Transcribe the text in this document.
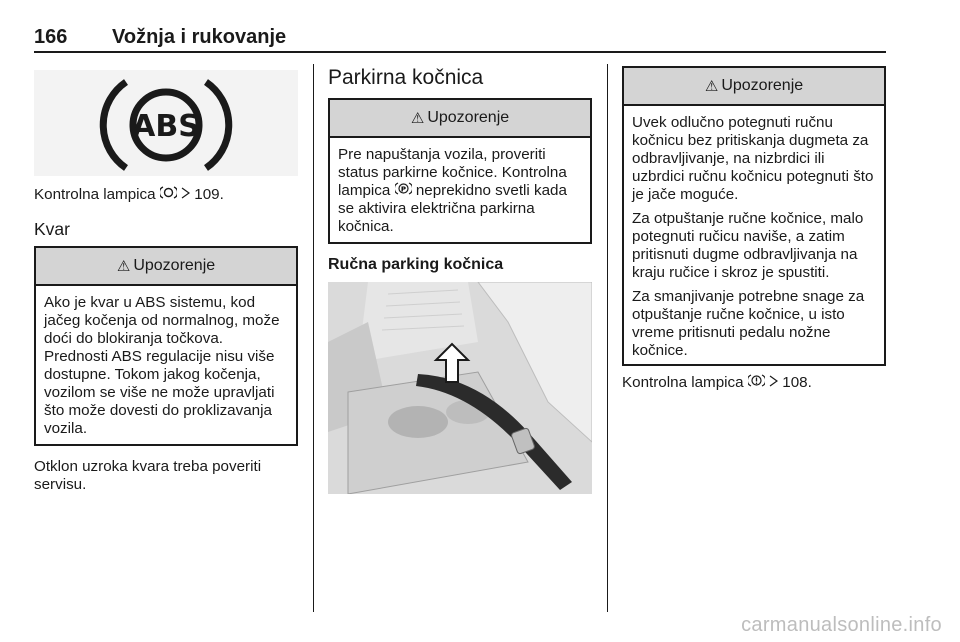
166 Vožnja i rukovanje
ABS
Kontrolna lampica	109.
Kvar
⚠ Upozorenje

Ako je kvar u ABS sistemu, kod jačeg kočenja od normalnog, može doći do blokiranja točkova. Prednosti ABS regulacije nisu više dostupne. Tokom jakog kočenja, vozilom se više ne može upravljati što može dovesti do proklizavanja vozila.

Otklon uzroka kvara treba poveriti servisu.
Parkirna kočnica
⚠ Upozorenje

Pre napuštanja vozila, proveriti status parkirne kočnice. Kontrolna lampica P neprekidno svetli kada se aktivira električna parkirna kočnica.

Ručna parking kočnica
⚠ Upozorenje

Uvek odlučno potegnuti ručnu kočnicu bez pritiskanja dugmeta za odbravljivanje, na nizbrdici ili uzbrdici ručnu kočnicu potegnuti što je jače moguće.

Za otpuštanje ručne kočnice, malo potegnuti ručicu naviše, a zatim pritisnuti dugme odbravljivanja na kraju ručice i skroz je spustiti.

Za smanjivanje potrebne snage za otpuštanje ručne kočnice, u isto vreme pritisnuti pedalu nožne kočnice.

Kontrolna lampica	108.
carmanualsonline.info
